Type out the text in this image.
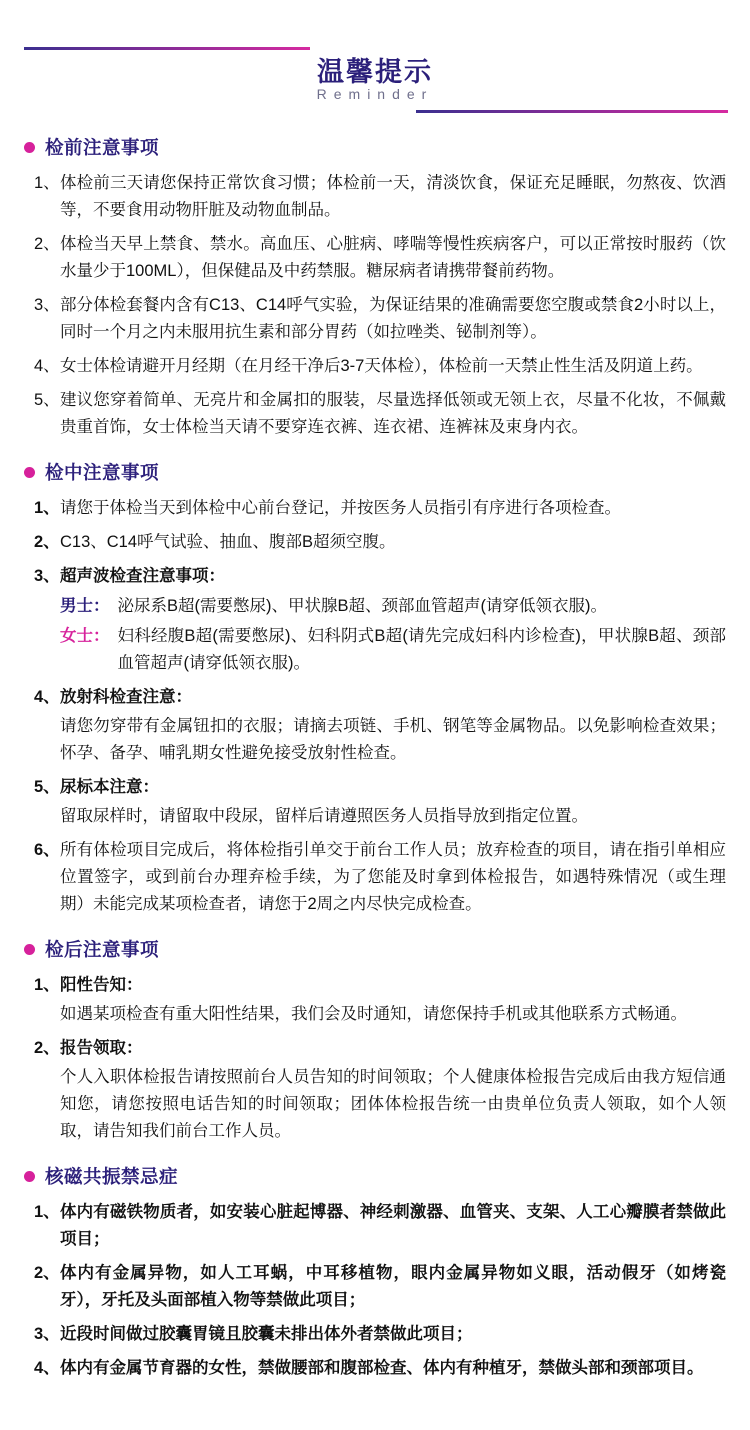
温馨提示
Reminder
检前注意事项
1、 体检前三天请您保持正常饮食习惯；体检前一天，清淡饮食，保证充足睡眠，勿熬夜、饮酒等，不要食用动物肝脏及动物血制品。
2、 体检当天早上禁食、禁水。高血压、心脏病、哮喘等慢性疾病客户，可以正常按时服药（饮水量少于100ML），但保健品及中药禁服。糖尿病者请携带餐前药物。
3、 部分体检套餐内含有C13、C14呼气实验，为保证结果的准确需要您空腹或禁食2小时以上，同时一个月之内未服用抗生素和部分胃药（如拉唑类、铋制剂等）。
4、 女士体检请避开月经期（在月经干净后3-7天体检），体检前一天禁止性生活及阴道上药。
5、 建议您穿着简单、无亮片和金属扣的服装，尽量选择低领或无领上衣，尽量不化妆，不佩戴贵重首饰，女士体检当天请不要穿连衣裤、连衣裙、连裤袜及束身内衣。
检中注意事项
1、 请您于体检当天到体检中心前台登记，并按医务人员指引有序进行各项检查。
2、 C13、C14呼气试验、抽血、腹部B超须空腹。
3、 超声波检查注意事项：
男士： 泌尿系B超(需要憋尿)、甲状腺B超、颈部血管超声(请穿低领衣服)。
女士： 妇科经腹B超(需要憋尿)、妇科阴式B超(请先完成妇科内诊检查)，甲状腺B超、颈部血管超声(请穿低领衣服)。
4、 放射科检查注意：
请您勿穿带有金属钮扣的衣服；请摘去项链、手机、钢笔等金属物品。以免影响检查效果；怀孕、备孕、哺乳期女性避免接受放射性检查。
5、 尿标本注意：
留取尿样时，请留取中段尿，留样后请遵照医务人员指导放到指定位置。
6、 所有体检项目完成后，将体检指引单交于前台工作人员；放弃检查的项目，请在指引单相应位置签字，或到前台办理弃检手续，为了您能及时拿到体检报告，如遇特殊情况（或生理期）未能完成某项检查者，请您于2周之内尽快完成检查。
检后注意事项
1、 阳性告知：
如遇某项检查有重大阳性结果，我们会及时通知，请您保持手机或其他联系方式畅通。
2、 报告领取：
个人入职体检报告请按照前台人员告知的时间领取；个人健康体检报告完成后由我方短信通知您，请您按照电话告知的时间领取；团体体检报告统一由贵单位负责人领取，如个人领取，请告知我们前台工作人员。
核磁共振禁忌症
1、 体内有磁铁物质者，如安装心脏起博器、神经刺激器、血管夹、支架、人工心瓣膜者禁做此项目；
2、 体内有金属异物，如人工耳蜗，中耳移植物，眼内金属异物如义眼，活动假牙（如烤瓷牙），牙托及头面部植入物等禁做此项目；
3、 近段时间做过胶囊胃镜且胶囊未排出体外者禁做此项目；
4、 体内有金属节育器的女性，禁做腰部和腹部检查、体内有种植牙，禁做头部和颈部项目。
